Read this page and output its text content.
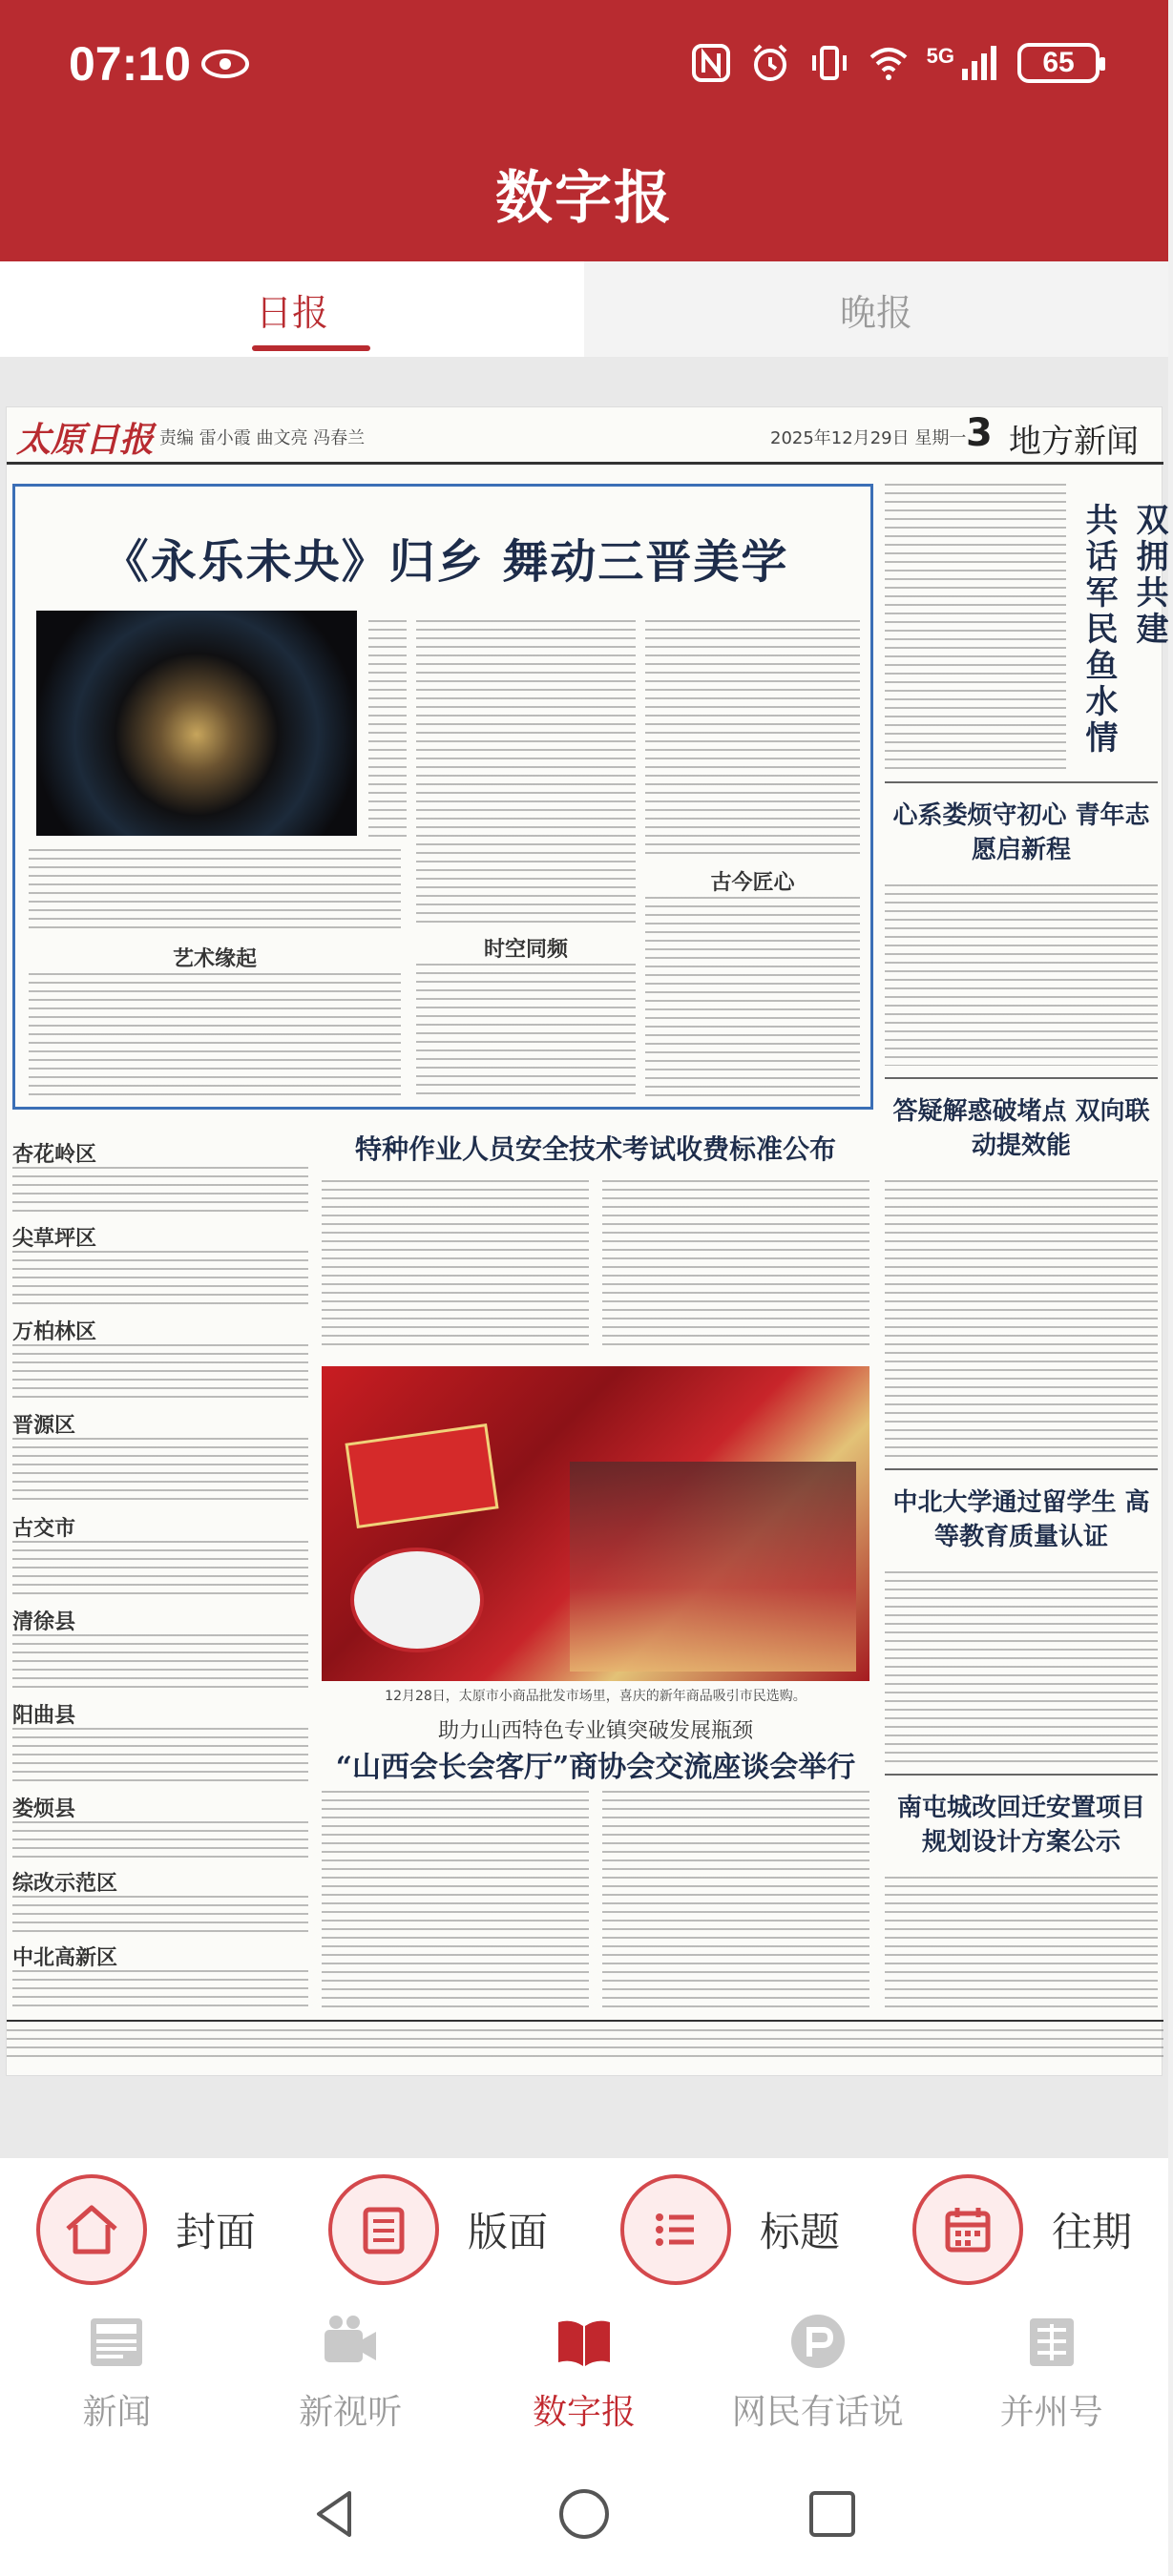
07:10	5G	65
数字报
日报	晚报
太原日报 责编 雷小霞 曲文亮 冯春兰	2025年12月29日 星期一 3 地方新闻
《永乐未央》归乡 舞动三晋美学
古今匠心
艺术缘起	时空同频
共话军民鱼水情 双拥共建
心系娄烦守初心 青年志愿启新程
答疑解惑破堵点 双向联动提效能
中北大学通过留学生 高等教育质量认证
南屯城改回迁安置项目 规划设计方案公示
杏花岭区
尖草坪区
万柏林区
晋源区
古交市
清徐县
阳曲县
娄烦县
综改示范区
中北高新区
特种作业人员安全技术考试收费标准公布
12月28日，太原市小商品批发市场里，喜庆的新年商品吸引市民选购。
助力山西特色专业镇突破发展瓶颈
“山西会长会客厅”商协会交流座谈会举行
封面	版面	标题	往期
新闻	新视听	数字报	网民有话说	并州号
